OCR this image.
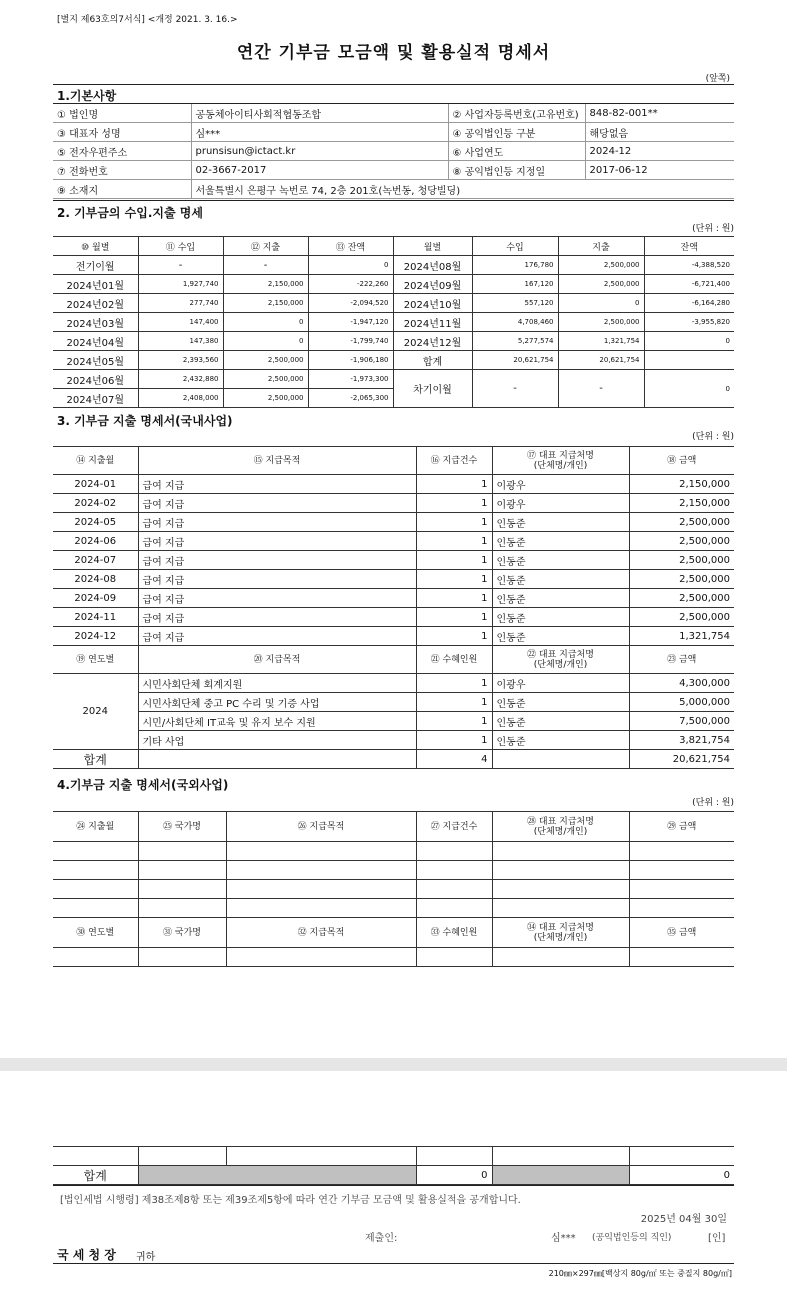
[별지 제63호의7서식] <개정 2021. 3. 16.>
연간 기부금 모금액 및 활용실적 명세서
(앞쪽)
1.기본사항
① 법인명	공동체아이티사회적협동조합	② 사업자등록번호(고유번호)	848-82-001**
③ 대표자 성명	심***	④ 공익법인등 구분	해당없음
⑤ 전자우편주소	prunsisun@ictact.kr	⑥ 사업연도	2024-12
⑦ 전화번호	02-3667-2017	⑧ 공익법인등 지정일	2017-06-12
⑨ 소재지	서울특별시 은평구 녹번로 74, 2층 201호(녹번동, 청당빌딩)		
2. 기부금의 수입.지출 명세
(단위 : 원)
⑩ 월별	⑪ 수입	⑫ 지출	⑬ 잔액	월별	수입	지출	잔액
전기이월	-	-	0	2024년08월	176,780	2,500,000	-4,388,520
2024년01월	1,927,740	2,150,000	-222,260	2024년09월	167,120	2,500,000	-6,721,400
2024년02월	277,740	2,150,000	-2,094,520	2024년10월	557,120	0	-6,164,280
2024년03월	147,400	0	-1,947,120	2024년11월	4,708,460	2,500,000	-3,955,820
2024년04월	147,380	0	-1,799,740	2024년12월	5,277,574	1,321,754	0
2024년05월	2,393,560	2,500,000	-1,906,180	합계	20,621,754	20,621,754	
2024년06월	2,432,880	2,500,000	-1,973,300	차기이월	-	-	0
2024년07월	2,408,000	2,500,000	-2,065,300				
3. 기부금 지출 명세서(국내사업)
(단위 : 원)
⑭ 지출월	⑮ 지급목적	⑯ 지급건수	⑰ 대표 지급처명
(단체명/개인)	⑱ 금액
2024-01	급여 지급	1	이광우	2,150,000
2024-02	급여 지급	1	이광우	2,150,000
2024-05	급여 지급	1	인동준	2,500,000
2024-06	급여 지급	1	인동준	2,500,000
2024-07	급여 지급	1	인동준	2,500,000
2024-08	급여 지급	1	인동준	2,500,000
2024-09	급여 지급	1	인동준	2,500,000
2024-11	급여 지급	1	인동준	2,500,000
2024-12	급여 지급	1	인동준	1,321,754
⑲ 연도별	⑳ 지급목적	㉑ 수혜인원	㉒ 대표 지급처명
(단체명/개인)	㉓ 금액
2024	시민사회단체 회계지원	1	이광우	4,300,000
	시민사회단체 중고 PC 수리 및 기증 사업	1	인동준	5,000,000
	시민/사회단체 IT교육 및 유지 보수 지원	1	인동준	7,500,000
	기타 사업	1	인동준	3,821,754
합계		4		20,621,754
4.기부금 지출 명세서(국외사업)
(단위 : 원)
㉔ 지출월	㉕ 국가명	㉖ 지급목적	㉗ 지급건수	㉘ 대표 지급처명
(단체명/개인)	㉙ 금액

㉚ 연도별	㉛ 국가명	㉜ 지급목적	㉝ 수혜인원	㉞ 대표 지급처명
(단체명/개인)	㉟ 금액

합계			0		0
[법인세법 시행령] 제38조제8항 또는 제39조제5항에 따라 연간 기부금 모금액 및 활용실적을 공개합니다.
2025년 04월 30일
제출인:	심*** (공익법인등의 직인)	[인]
국 세 청 장 귀하
210㎜×297㎜[백상지 80g/㎡ 또는 중질지 80g/㎡]
